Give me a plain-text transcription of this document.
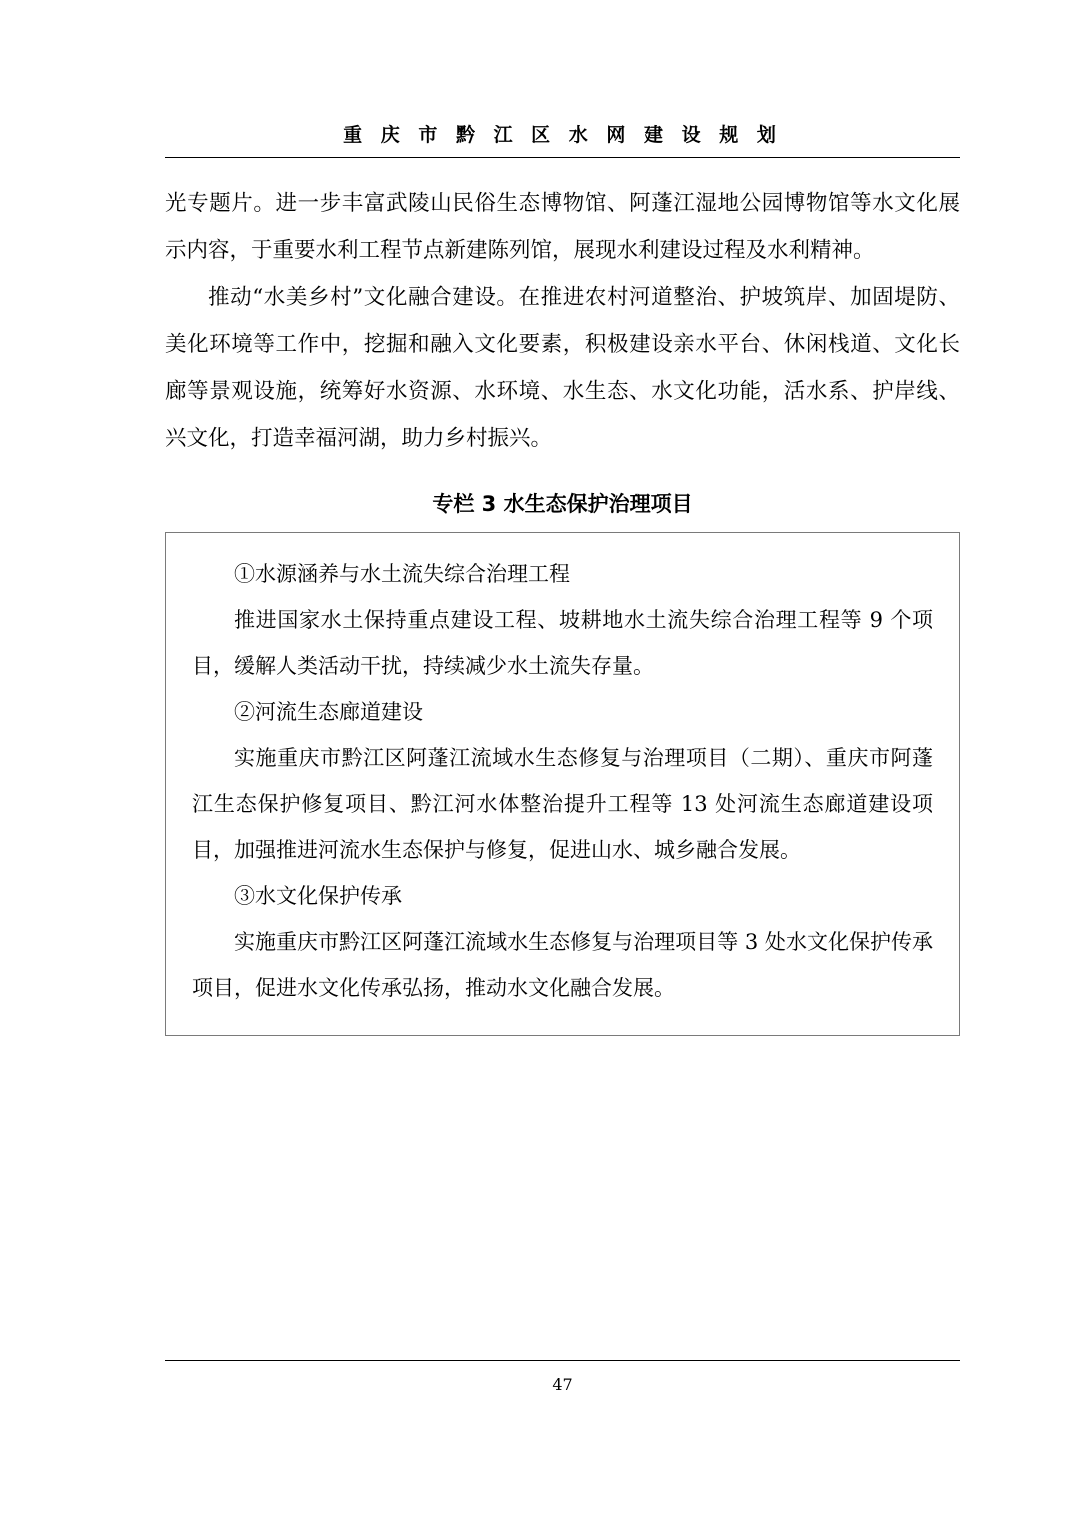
重 庆 市 黔 江 区 水 网 建 设 规 划

光专题片。进一步丰富武陵山民俗生态博物馆、阿蓬江湿地公园博物馆等水文化展示内容，于重要水利工程节点新建陈列馆，展现水利建设过程及水利精神。

推动“水美乡村”文化融合建设。在推进农村河道整治、护坡筑岸、加固堤防、美化环境等工作中，挖掘和融入文化要素，积极建设亲水平台、休闲栈道、文化长廊等景观设施，统筹好水资源、水环境、水生态、水文化功能，活水系、护岸线、兴文化，打造幸福河湖，助力乡村振兴。

专栏 3 水生态保护治理项目

①水源涵养与水土流失综合治理工程

推进国家水土保持重点建设工程、坡耕地水土流失综合治理工程等 9 个项目，缓解人类活动干扰，持续减少水土流失存量。

②河流生态廊道建设

实施重庆市黔江区阿蓬江流域水生态修复与治理项目（二期）、重庆市阿蓬江生态保护修复项目、黔江河水体整治提升工程等 13 处河流生态廊道建设项目，加强推进河流水生态保护与修复，促进山水、城乡融合发展。

③水文化保护传承

实施重庆市黔江区阿蓬江流域水生态修复与治理项目等 3 处水文化保护传承项目，促进水文化传承弘扬，推动水文化融合发展。

47
